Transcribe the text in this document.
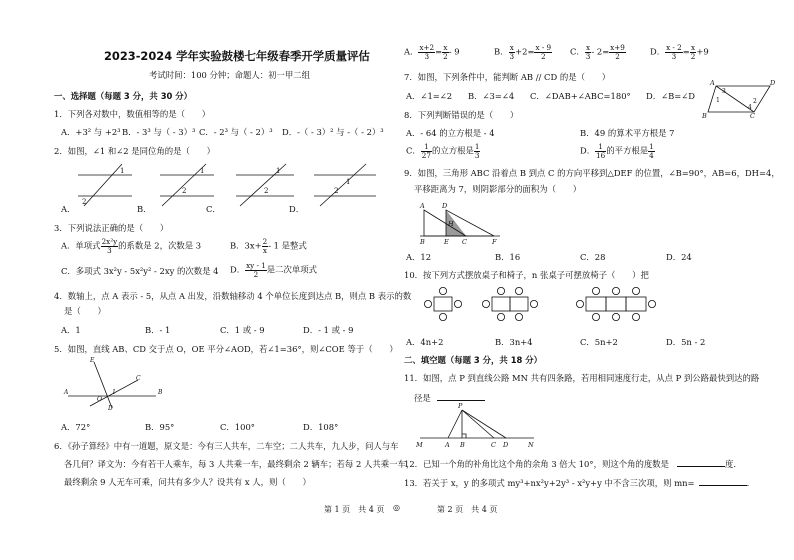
2023-2024 学年实验鼓楼七年级春季开学质量评估
考试时间：100 分钟；命题人：初一甲二组
一、选择题（每题 3 分，共 30 分）
1．下列各对数中，数值相等的是（　　）
A．+3² 与 +2³ B．- 3³ 与（ - 3）³ C．- 2³ 与（ - 2）³ D．-（ - 3）² 与 -（ - 2）³
2．如图，∠1 和∠2 是同位角的是（　　）
1
2
1
2
1
2
1
2
A．	B．	C．	D．
3．下列说法正确的是（　　）
A．单项式 $\frac{\text{2x²y}}{3}$ 的系数是 2，次数是 3	B．$3x+ \frac{2}{x} - 1$ 是整式
C．多项式 3x²y - 5x²y² - 2xy 的次数是 4 D． $\frac{xy - 1}{2}$ 是二次单项式
4．数轴上，点 A 表示 - 5，从点 A 出发，沿数轴移动 4 个单位长度到达点 B，则点 B 表示的数
是（　　）
A．1	B．- 1	C．1 或 - 9	D．- 1 或 - 9
5．如图，直线 AB、CD 交于点 O，OE 平分∠AOD，若∠1=36°，则∠COE 等于（　　）
E
C
A	B
D
O
1
A．72°	B．95°	C．100°	D．108°
6．《孙子算经》中有一道题，原文是：今有三人共车，二车空；二人共车，九人步，问人与车
各几何？译文为：今有若干人乘车，每 3 人共乘一车，最终剩余 2 辆车；若每 2 人共乘一车，
最终剩余 9 人无车可乘，问共有多少人？设共有 x 人，则（　　）
第 1 页　共 4 页 ◎	第 2 页　共 4 页
A． $\frac{x+2}{3} = \frac{x}{2} - 9$	B． $\frac{x}{3} +2= \frac{x - 9}{2}$ C． $\frac{x}{3} - 2= \frac{x+9}{2}$	D． $\frac{x - 2}{3} = \frac{x}{2} +9$
7．如图，下列条件中，能判断 AB // CD 的是（　　）
A	D
B	C
3
1
4
2
A．∠1=∠2 B．∠3=∠4 C．∠DAB+∠ABC=180° D．∠B=∠D
8．下列判断错误的是（　　）
A．- 64 的立方根是 - 4	B．49 的算术平方根是 7
C． $\frac{1}{27}$ 的立方根是 $\frac{1}{3}$	D． $\frac{1}{16}$ 的平方根是 $\frac{1}{4}$
9．如图，三角形 ABC 沿着点 B 到点 C 的方向平移到△DEF 的位置，∠B=90°，AB=6，DH=4，
平移距离为 7，则阴影部分的面积为（　　）
A	D
H
B	E C	F
A．12	B．16	C．28	D．24
10．按下列方式摆放桌子和椅子，n 张桌子可摆放椅子（　　）把
A．4n+2	B．3n+4	C．5n+2	D．5n - 2
二、填空题（每题 3 分，共 18 分）
11．如图，点 P 到直线公路 MN 共有四条路，若用相同速度行走，从点 P 到公路最快到达的路
径是
P
M	A B	C D	N
12．已知一个角的补角比这个角的余角 3 倍大 10°，则这个角的度数是	度.
13．若关于 x，y 的多项式 my³+nx²y+2y³ - x²y+y 中不含三次项，则 mn=	.
